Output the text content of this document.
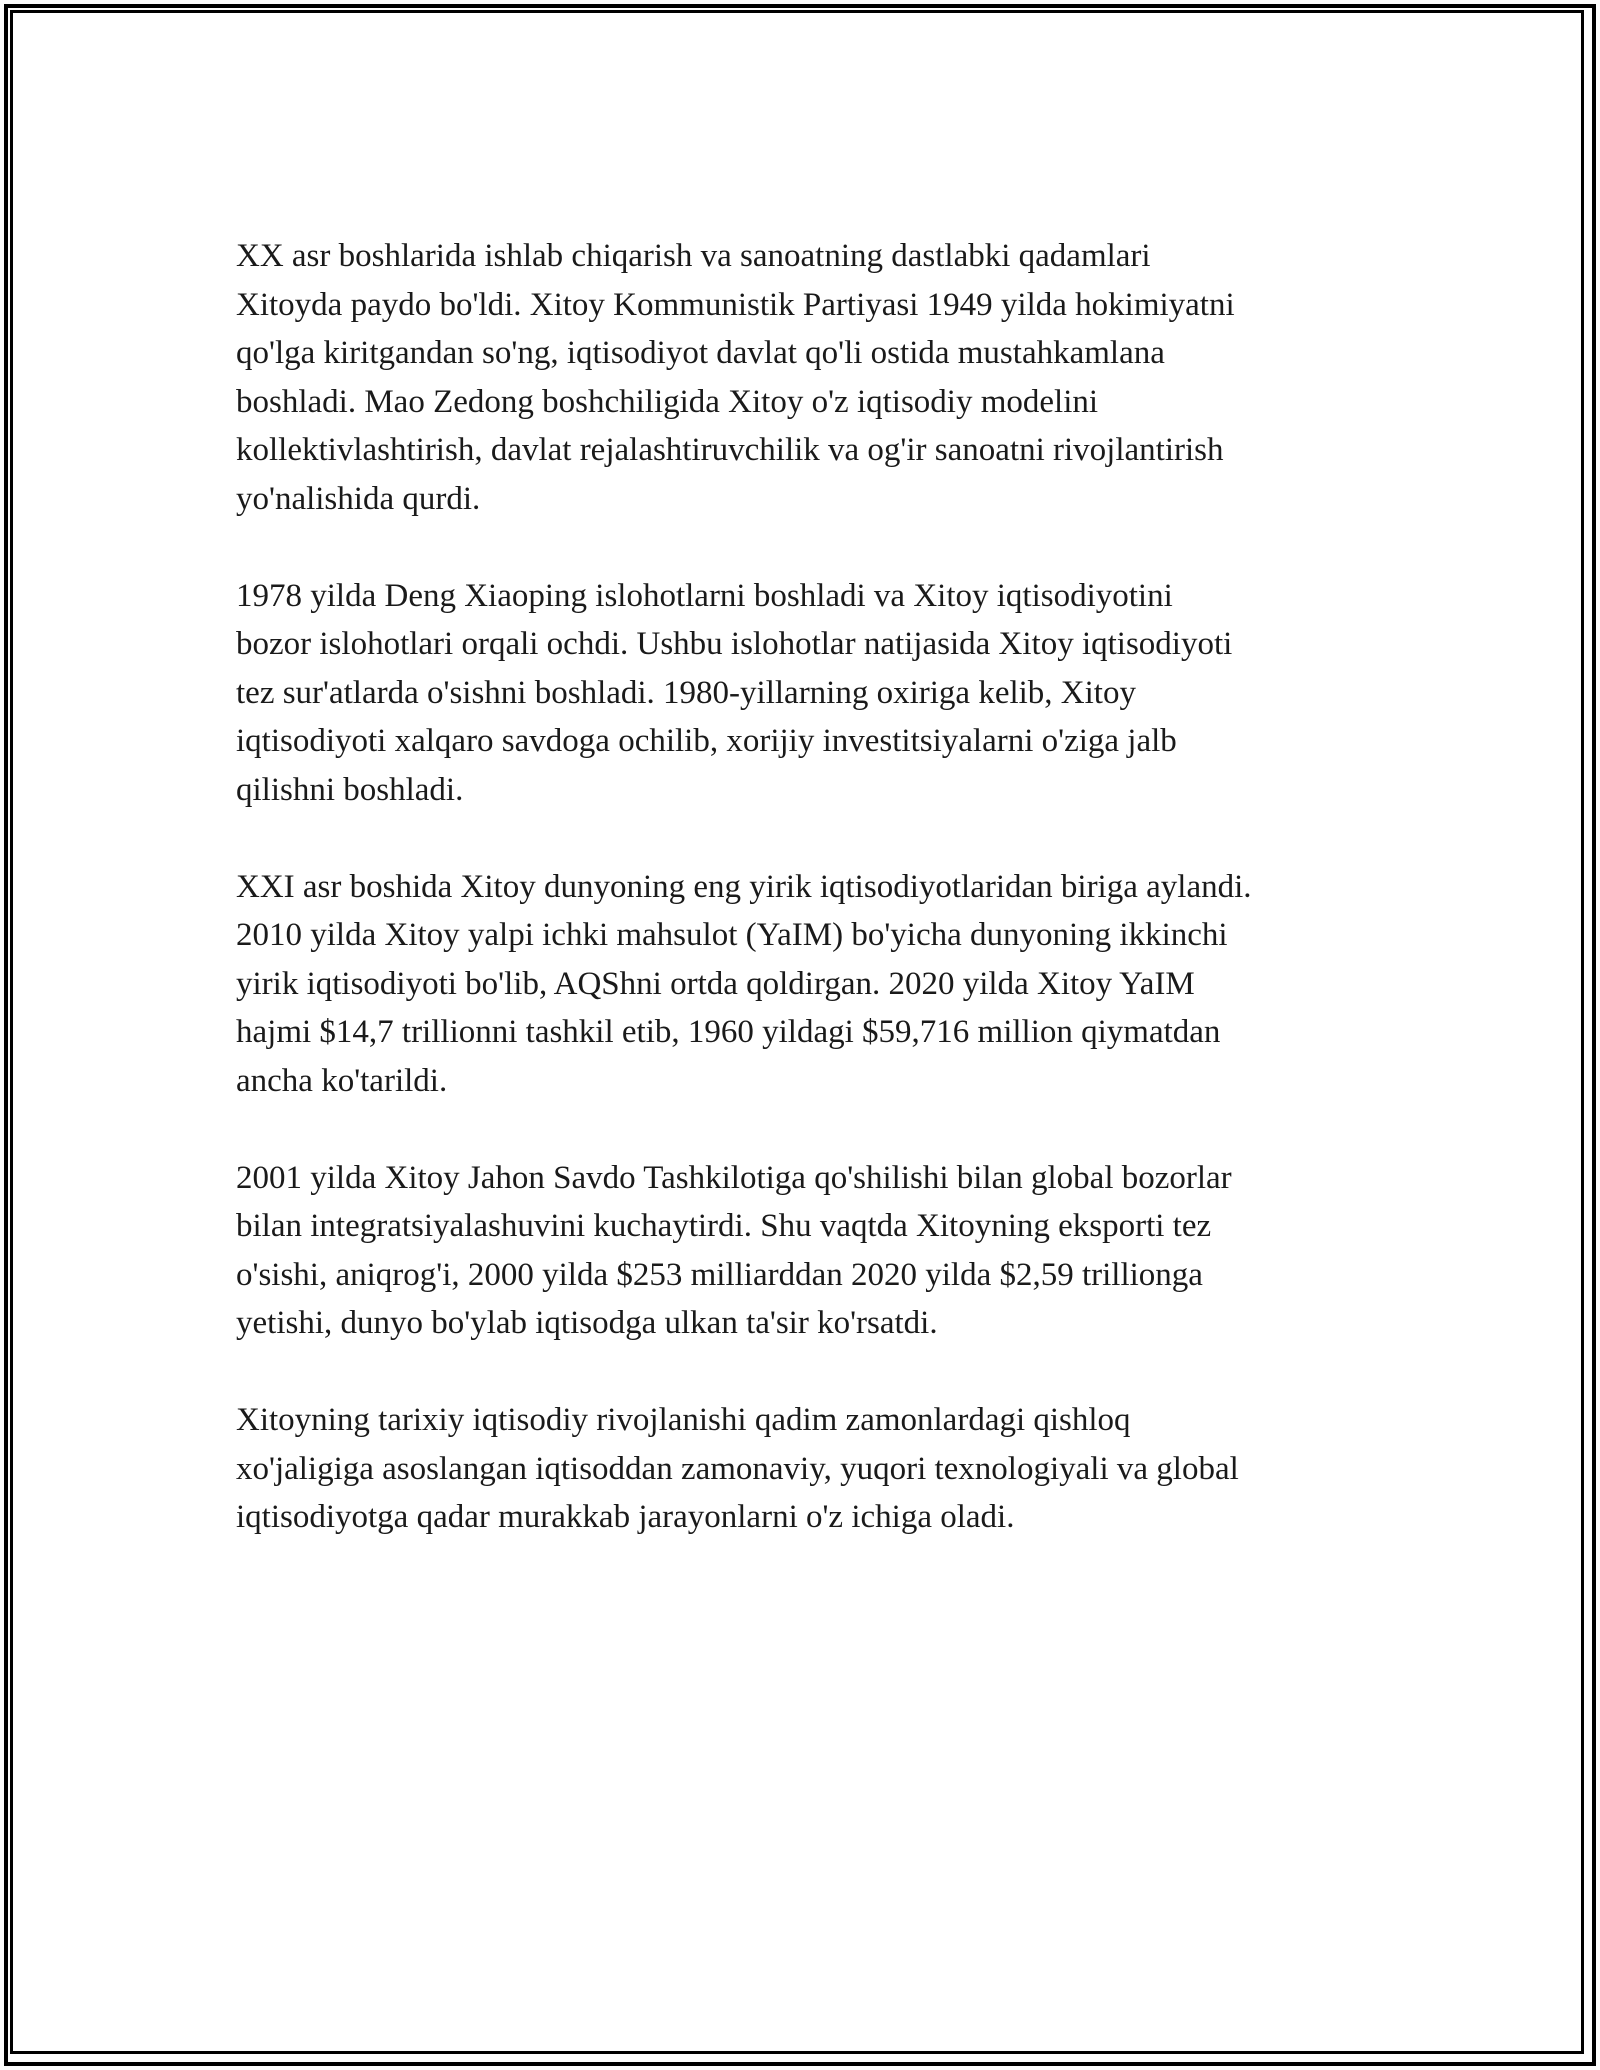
XX asr boshlarida ishlab chiqarish va sanoatning dastlabki qadamlari
Xitoyda paydo bo'ldi. Xitoy Kommunistik Partiyasi 1949 yilda hokimiyatni
qo'lga kiritgandan so'ng, iqtisodiyot davlat qo'li ostida mustahkamlana
boshladi. Mao Zedong boshchiligida Xitoy o'z iqtisodiy modelini
kollektivlashtirish, davlat rejalashtiruvchilik va og'ir sanoatni rivojlantirish
yo'nalishida qurdi.

1978 yilda Deng Xiaoping islohotlarni boshladi va Xitoy iqtisodiyotini
bozor islohotlari orqali ochdi. Ushbu islohotlar natijasida Xitoy iqtisodiyoti
tez sur'atlarda o'sishni boshladi. 1980-yillarning oxiriga kelib, Xitoy
iqtisodiyoti xalqaro savdoga ochilib, xorijiy investitsiyalarni o'ziga jalb
qilishni boshladi.

XXI asr boshida Xitoy dunyoning eng yirik iqtisodiyotlaridan biriga aylandi.
2010 yilda Xitoy yalpi ichki mahsulot (YaIM) bo'yicha dunyoning ikkinchi
yirik iqtisodiyoti bo'lib, AQShni ortda qoldirgan. 2020 yilda Xitoy YaIM
hajmi $14,7 trillionni tashkil etib, 1960 yildagi $59,716 million qiymatdan
ancha ko'tarildi.

2001 yilda Xitoy Jahon Savdo Tashkilotiga qo'shilishi bilan global bozorlar
bilan integratsiyalashuvini kuchaytirdi. Shu vaqtda Xitoyning eksporti tez
o'sishi, aniqrog'i, 2000 yilda $253 milliarddan 2020 yilda $2,59 trillionga
yetishi, dunyo bo'ylab iqtisodga ulkan ta'sir ko'rsatdi.

Xitoyning tarixiy iqtisodiy rivojlanishi qadim zamonlardagi qishloq
xo'jaligiga asoslangan iqtisoddan zamonaviy, yuqori texnologiyali va global
iqtisodiyotga qadar murakkab jarayonlarni o'z ichiga oladi.
